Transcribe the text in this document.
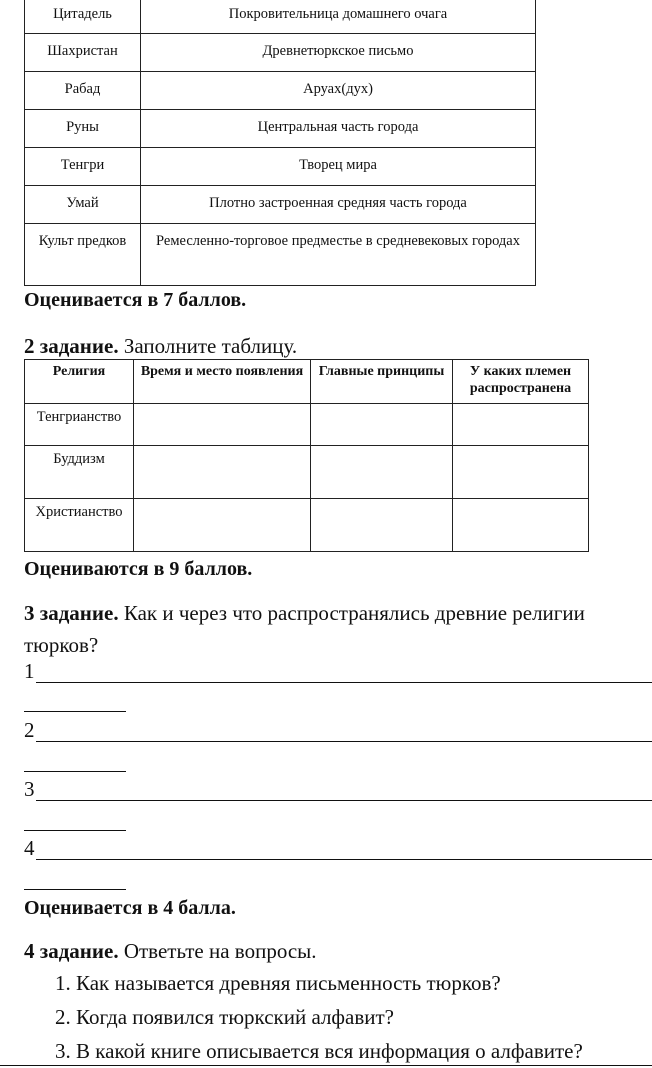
Цитадель	Покровительница домашнего очага
Шахристан	Древнетюркское письмо
Рабад	Аруах(дух)
Руны	Центральная часть города
Тенгри	Творец мира
Умай	Плотно застроенная средняя часть города
Культ предков	Ремесленно-торговое предместье в средневековых городах
Оценивается в 7 баллов.
2 задание. Заполните таблицу.
Религия	Время и место появления	Главные принципы	У каких племен распространена
Тенгрианство			
Буддизм			
Христианство			
Оцениваются в 9 баллов.
3 задание. Как и через что распространялись древние религии тюрков?
1
2
3
4
Оценивается в 4 балла.
4 задание. Ответьте на вопросы.
1. Как называется древняя письменность тюрков?
2. Когда появился тюркский алфавит?
3. В какой книге описывается вся информация о алфавите?
